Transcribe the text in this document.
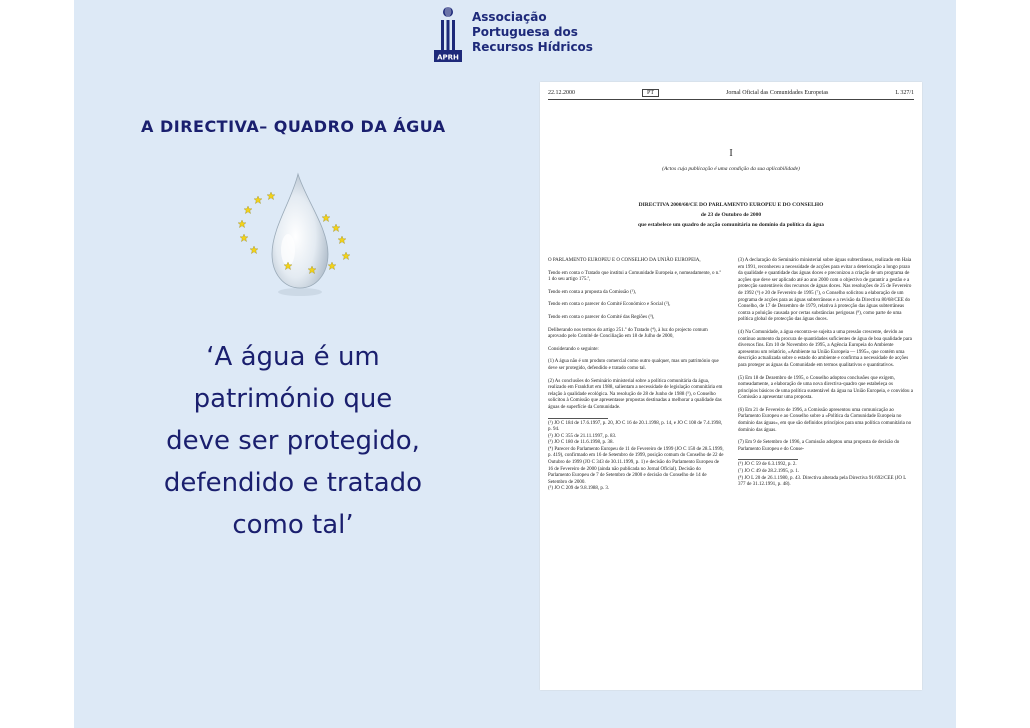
APRH
Associação
Portuguesa dos
Recursos Hídricos
A DIRECTIVA– QUADRO DA ÁGUA
‘A água é um
património que
deve ser protegido,
defendido e tratado
como tal’
22.12.2000	PT	Jornal Oficial das Comunidades Europeias	L 327/1
I
(Actos cuja publicação é uma condição da sua aplicabilidade)
DIRECTIVA 2000/60/CE DO PARLAMENTO EUROPEU E DO CONSELHO
de 23 de Outubro de 2000
que estabelece um quadro de acção comunitária no domínio da política da água

O PARLAMENTO EUROPEU E O CONSELHO DA UNIÃO EUROPEIA,

Tendo em conta o Tratado que institui a Comunidade Europeia e, nomeadamente, o n.º 1 do seu artigo 175.º,

Tendo em conta a proposta da Comissão (¹),

Tendo em conta o parecer do Comité Económico e Social (²),

Tendo em conta o parecer do Comité das Regiões (³),

Deliberando nos termos do artigo 251.º do Tratado (⁴), à luz do projecto comum aprovado pelo Comité de Conciliação em 18 de Julho de 2000,

Considerando o seguinte:

(1) A água não é um produto comercial como outro qualquer, mas um património que deve ser protegido, defendido e tratado como tal.

(2) As conclusões do Seminário ministerial sobre a política comunitária da água, realizado em Frankfurt em 1988, salientam a necessidade de legislação comunitária em relação à qualidade ecológica. Na resolução de 28 de Junho de 1988 (⁵), o Conselho solicitou à Comissão que apresentasse propostas destinadas a melhorar a qualidade das águas de superfície da Comunidade.

(¹) JO C 184 de 17.6.1997, p. 20, JO C 16 de 20.1.1998, p. 14, e JO C 108 de 7.4.1998, p. 94.

(²) JO C 355 de 21.11.1997, p. 83.

(³) JO C 180 de 11.6.1998, p. 38.

(⁴) Parecer do Parlamento Europeu de 11 de Fevereiro de 1999 (JO C 150 de 28.5.1999, p. 419), confirmado em 16 de Setembro de 1999, posição comum do Conselho de 22 de Outubro de 1999 (JO C 343 de 30.11.1999, p. 1) e decisão do Parlamento Europeu de 16 de Fevereiro de 2000 (ainda não publicada no Jornal Oficial). Decisão do Parlamento Europeu de 7 de Setembro de 2000 e decisão do Conselho de 14 de Setembro de 2000.

(⁵) JO C 209 de 9.8.1988, p. 3.

(3) A declaração do Seminário ministerial sobre águas subterrâneas, realizado em Haia em 1991, reconheceu a necessidade de acções para evitar a deterioração a longo prazo da qualidade e quantidade das águas doces e preconizou a criação de um programa de acções que deve ser aplicado até ao ano 2000 com o objectivo de garantir a gestão e a protecção sustentáveis dos recursos de águas doces. Nas resoluções de 25 de Fevereiro de 1992 (⁶) e 20 de Fevereiro de 1995 (⁷), o Conselho solicitou a elaboração de um programa de acções para as águas subterrâneas e a revisão da Directiva 80/68/CEE do Conselho, de 17 de Dezembro de 1979, relativa à protecção das águas subterrâneas contra a poluição causada por certas substâncias perigosas (⁸), como parte de uma política global de protecção das águas doces.

(4) Na Comunidade, a água encontra-se sujeita a uma pressão crescente, devido ao contínuo aumento da procura de quantidades suficientes de água de boa qualidade para diversos fins. Em 10 de Novembro de 1995, a Agência Europeia do Ambiente apresentou um relatório, «Ambiente na União Europeia — 1995», que contém uma descrição actualizada sobre o estado do ambiente e confirma a necessidade de acções para proteger as águas da Comunidade em termos qualitativos e quantitativos.

(5) Em 18 de Dezembro de 1995, o Conselho adoptou conclusões que exigem, nomeadamente, a elaboração de uma nova directiva-quadro que estabeleça os princípios básicos de uma política sustentável da água na União Europeia, e convidou a Comissão a apresentar uma proposta.

(6) Em 21 de Fevereiro de 1996, a Comissão apresentou uma comunicação ao Parlamento Europeu e ao Conselho sobre a «Política da Comunidade Europeia no domínio das águas», em que são definidos princípios para uma política comunitária no domínio das águas.

(7) Em 9 de Setembro de 1996, a Comissão adoptou uma proposta de decisão do Parlamento Europeu e do Conse-

(⁶) JO C 59 de 6.3.1992, p. 2.

(⁷) JO C 49 de 28.2.1995, p. 1.

(⁸) JO L 20 de 26.1.1980, p. 43. Directiva alterada pela Directiva 91/692/CEE (JO L 377 de 31.12.1991, p. 48).
